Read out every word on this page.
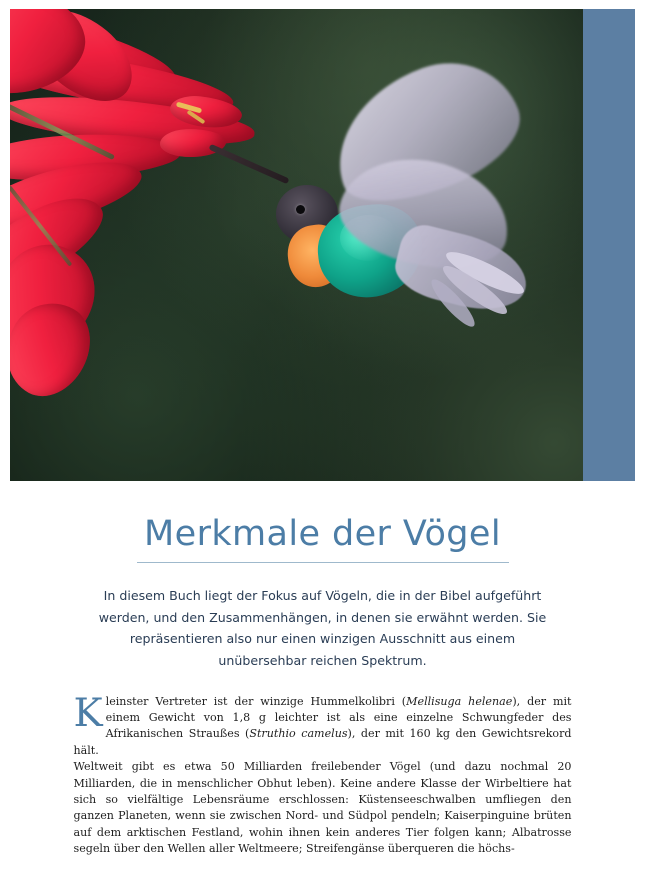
Merkmale der Vögel

In diesem Buch liegt der Fokus auf Vögeln, die in der Bibel aufgeführt werden, und den Zusammenhängen, in denen sie erwähnt werden. Sie repräsentieren also nur einen winzigen Ausschnitt aus einem unübersehbar reichen Spektrum.

Kleinster Vertreter ist der winzige Hummelkolibri (Mellisuga helenae), der mit einem Gewicht von 1,8 g leichter ist als eine einzelne Schwungfeder des Afrikanischen Straußes (Struthio camelus), der mit 160 kg den Gewichtsrekord hält.

Weltweit gibt es etwa 50 Milliarden freilebender Vögel (und dazu nochmal 20 Milliarden, die in menschlicher Obhut leben). Keine andere Klasse der Wirbeltiere hat sich so vielfältige Lebensräume erschlossen: Küstenseeschwalben umfliegen den ganzen Planeten, wenn sie zwischen Nord- und Südpol pendeln; Kaiserpinguine brüten auf dem arktischen Festland, wohin ihnen kein anderes Tier folgen kann; Albatrosse segeln über den Wellen aller Weltmeere; Streifengänse überqueren die höchs-
